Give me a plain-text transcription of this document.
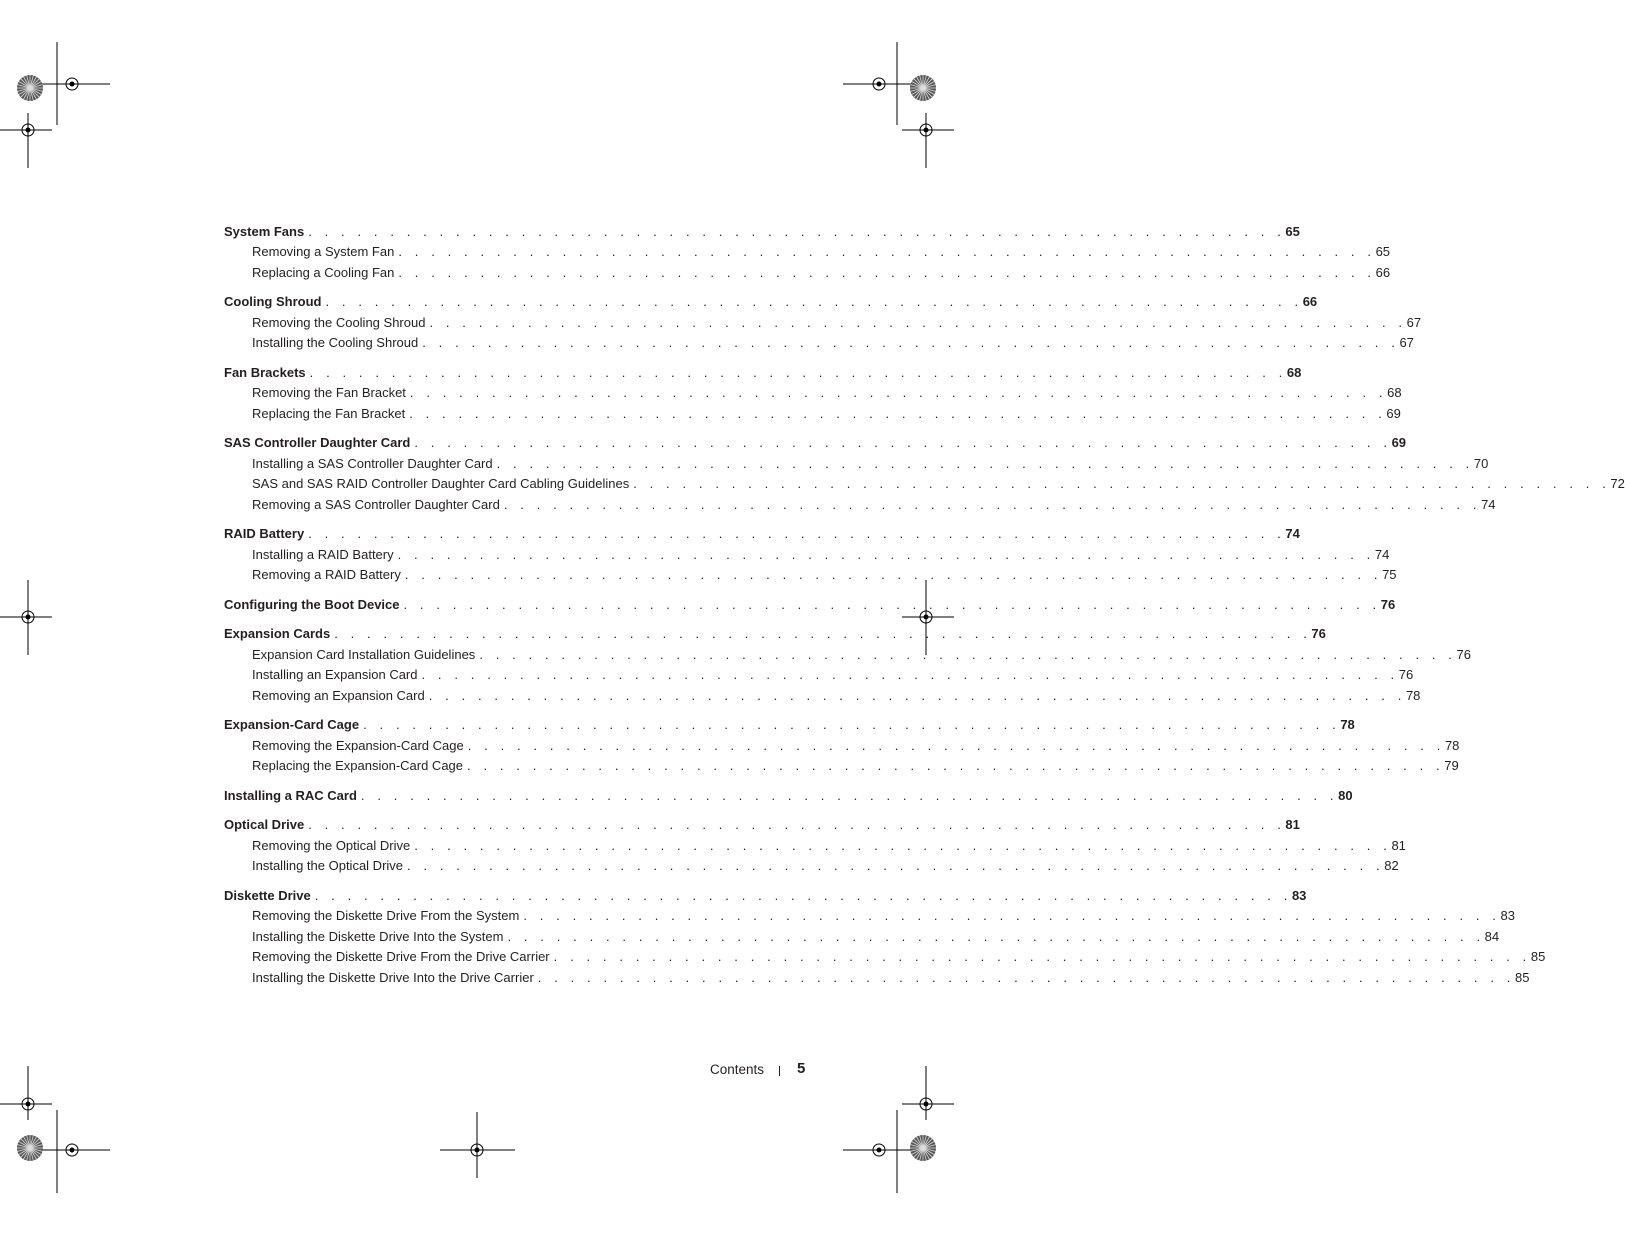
System Fans . . . . . . . . . . . . . . . . . . . . . . . . . . . . . . . . . . . . . . . . . . . . . . . . . . . . . . . . . . . . 65
Removing a System Fan . . . . . . . . . . . . . . . . . . . . . . . . . . . . . . . . . . . . . . . . . . . . . . . . . . . . . . . . . . . . 65
Replacing a Cooling Fan . . . . . . . . . . . . . . . . . . . . . . . . . . . . . . . . . . . . . . . . . . . . . . . . . . . . . . . . . . . . 66
Cooling Shroud . . . . . . . . . . . . . . . . . . . . . . . . . . . . . . . . . . . . . . . . . . . . . . . . . . . . . . . . . . . . 66
Removing the Cooling Shroud . . . . . . . . . . . . . . . . . . . . . . . . . . . . . . . . . . . . . . . . . . . . . . . . . . . . . . . . . . . . 67
Installing the Cooling Shroud . . . . . . . . . . . . . . . . . . . . . . . . . . . . . . . . . . . . . . . . . . . . . . . . . . . . . . . . . . . . 67
Fan Brackets . . . . . . . . . . . . . . . . . . . . . . . . . . . . . . . . . . . . . . . . . . . . . . . . . . . . . . . . . . . . 68
Removing the Fan Bracket . . . . . . . . . . . . . . . . . . . . . . . . . . . . . . . . . . . . . . . . . . . . . . . . . . . . . . . . . . . . 68
Replacing the Fan Bracket . . . . . . . . . . . . . . . . . . . . . . . . . . . . . . . . . . . . . . . . . . . . . . . . . . . . . . . . . . . . 69
SAS Controller Daughter Card . . . . . . . . . . . . . . . . . . . . . . . . . . . . . . . . . . . . . . . . . . . . . . . . . . . . . . . . . . . . 69
Installing a SAS Controller Daughter Card . . . . . . . . . . . . . . . . . . . . . . . . . . . . . . . . . . . . . . . . . . . . . . . . . . . . . . . . . . . . 70
SAS and SAS RAID Controller Daughter Card Cabling Guidelines . . . . . . . . . . . . . . . . . . . . . . . . . . . . . . . . . . . . . . . . . . . . . . . . . . . . . . . . . . . . 72
Removing a SAS Controller Daughter Card . . . . . . . . . . . . . . . . . . . . . . . . . . . . . . . . . . . . . . . . . . . . . . . . . . . . . . . . . . . . 74
RAID Battery . . . . . . . . . . . . . . . . . . . . . . . . . . . . . . . . . . . . . . . . . . . . . . . . . . . . . . . . . . . . 74
Installing a RAID Battery . . . . . . . . . . . . . . . . . . . . . . . . . . . . . . . . . . . . . . . . . . . . . . . . . . . . . . . . . . . . 74
Removing a RAID Battery . . . . . . . . . . . . . . . . . . . . . . . . . . . . . . . . . . . . . . . . . . . . . . . . . . . . . . . . . . . . 75
Configuring the Boot Device . . . . . . . . . . . . . . . . . . . . . . . . . . . . . . . . . . . . . . . . . . . . . . . . . . . . . . . . . . . . 76
Expansion Cards . . . . . . . . . . . . . . . . . . . . . . . . . . . . . . . . . . . . . . . . . . . . . . . . . . . . . . . . . . . . 76
Expansion Card Installation Guidelines . . . . . . . . . . . . . . . . . . . . . . . . . . . . . . . . . . . . . . . . . . . . . . . . . . . . . . . . . . . . 76
Installing an Expansion Card . . . . . . . . . . . . . . . . . . . . . . . . . . . . . . . . . . . . . . . . . . . . . . . . . . . . . . . . . . . . 76
Removing an Expansion Card . . . . . . . . . . . . . . . . . . . . . . . . . . . . . . . . . . . . . . . . . . . . . . . . . . . . . . . . . . . . 78
Expansion-Card Cage . . . . . . . . . . . . . . . . . . . . . . . . . . . . . . . . . . . . . . . . . . . . . . . . . . . . . . . . . . . . 78
Removing the Expansion-Card Cage . . . . . . . . . . . . . . . . . . . . . . . . . . . . . . . . . . . . . . . . . . . . . . . . . . . . . . . . . . . . 78
Replacing the Expansion-Card Cage . . . . . . . . . . . . . . . . . . . . . . . . . . . . . . . . . . . . . . . . . . . . . . . . . . . . . . . . . . . . 79
Installing a RAC Card . . . . . . . . . . . . . . . . . . . . . . . . . . . . . . . . . . . . . . . . . . . . . . . . . . . . . . . . . . . . 80
Optical Drive . . . . . . . . . . . . . . . . . . . . . . . . . . . . . . . . . . . . . . . . . . . . . . . . . . . . . . . . . . . . 81
Removing the Optical Drive . . . . . . . . . . . . . . . . . . . . . . . . . . . . . . . . . . . . . . . . . . . . . . . . . . . . . . . . . . . . 81
Installing the Optical Drive . . . . . . . . . . . . . . . . . . . . . . . . . . . . . . . . . . . . . . . . . . . . . . . . . . . . . . . . . . . . 82
Diskette Drive . . . . . . . . . . . . . . . . . . . . . . . . . . . . . . . . . . . . . . . . . . . . . . . . . . . . . . . . . . . . 83
Removing the Diskette Drive From the System . . . . . . . . . . . . . . . . . . . . . . . . . . . . . . . . . . . . . . . . . . . . . . . . . . . . . . . . . . . . 83
Installing the Diskette Drive Into the System . . . . . . . . . . . . . . . . . . . . . . . . . . . . . . . . . . . . . . . . . . . . . . . . . . . . . . . . . . . . 84
Removing the Diskette Drive From the Drive Carrier . . . . . . . . . . . . . . . . . . . . . . . . . . . . . . . . . . . . . . . . . . . . . . . . . . . . . . . . . . . . 85
Installing the Diskette Drive Into the Drive Carrier . . . . . . . . . . . . . . . . . . . . . . . . . . . . . . . . . . . . . . . . . . . . . . . . . . . . . . . . . . . . 85
Contents 5
